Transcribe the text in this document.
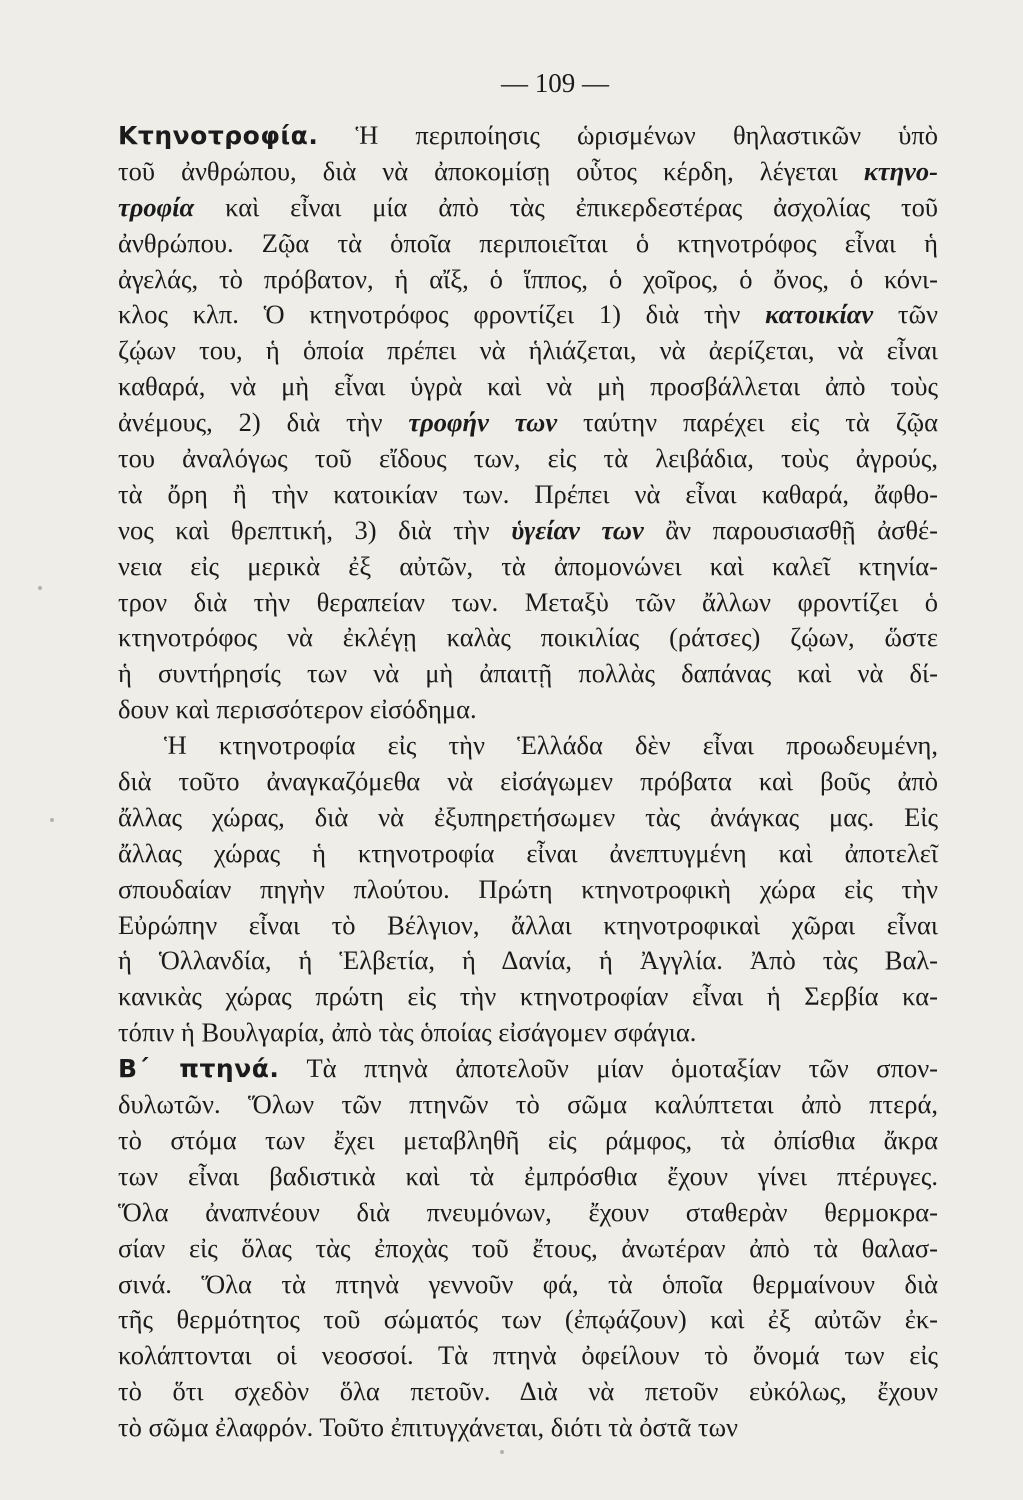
— 109 —
Κτηνοτροφία. Ἡ περιποίησις ὡρισμένων θηλαστικῶν ὑπὸ
τοῦ ἀνθρώπου, διὰ νὰ ἀποκομίσῃ οὗτος κέρδη, λέγεται κτηνο-
τροφία καὶ εἶναι μία ἀπὸ τὰς ἐπικερδεστέρας ἀσχολίας τοῦ
ἀνθρώπου. Ζῷα τὰ ὁποῖα περιποιεῖται ὁ κτηνοτρόφος εἶναι ἡ
ἀγελάς, τὸ πρόβατον, ἡ αἴξ, ὁ ἵππος, ὁ χοῖρος, ὁ ὄνος, ὁ κόνι-
κλος κλπ. Ὁ κτηνοτρόφος φροντίζει 1) διὰ τὴν κατοικίαν τῶν
ζῴων του, ἡ ὁποία πρέπει νὰ ἡλιάζεται, νὰ ἀερίζεται, νὰ εἶναι
καθαρά, νὰ μὴ εἶναι ὑγρὰ καὶ νὰ μὴ προσβάλλεται ἀπὸ τοὺς
ἀνέμους, 2) διὰ τὴν τροφήν των ταύτην παρέχει εἰς τὰ ζῷα
του ἀναλόγως τοῦ εἴδους των, εἰς τὰ λειβάδια, τοὺς ἀγρούς,
τὰ ὄρη ἢ τὴν κατοικίαν των. Πρέπει νὰ εἶναι καθαρά, ἄφθο-
νος καὶ θρεπτική, 3) διὰ τὴν ὑγείαν των ἂν παρουσιασθῇ ἀσθέ-
νεια εἰς μερικὰ ἐξ αὐτῶν, τὰ ἀπομονώνει καὶ καλεῖ κτηνία-
τρον διὰ τὴν θεραπείαν των. Μεταξὺ τῶν ἄλλων φροντίζει ὁ
κτηνοτρόφος νὰ ἐκλέγῃ καλὰς ποικιλίας (ράτσες) ζῴων, ὥστε
ἡ συντήρησίς των νὰ μὴ ἀπαιτῇ πολλὰς δαπάνας καὶ νὰ δί-
δουν καὶ περισσότερον εἰσόδημα.
Ἡ κτηνοτροφία εἰς τὴν Ἑλλάδα δὲν εἶναι προωδευμένη,
διὰ τοῦτο ἀναγκαζόμεθα νὰ εἰσάγωμεν πρόβατα καὶ βοῦς ἀπὸ
ἄλλας χώρας, διὰ νὰ ἐξυπηρετήσωμεν τὰς ἀνάγκας μας. Εἰς
ἄλλας χώρας ἡ κτηνοτροφία εἶναι ἀνεπτυγμένη καὶ ἀποτελεῖ
σπουδαίαν πηγὴν πλούτου. Πρώτη κτηνοτροφικὴ χώρα εἰς τὴν
Εὐρώπην εἶναι τὸ Βέλγιον, ἄλλαι κτηνοτροφικαὶ χῶραι εἶναι
ἡ Ὁλλανδία, ἡ Ἑλβετία, ἡ Δανία, ἡ Ἀγγλία. Ἀπὸ τὰς Βαλ-
κανικὰς χώρας πρώτη εἰς τὴν κτηνοτροφίαν εἶναι ἡ Σερβία κα-
τόπιν ἡ Βουλγαρία, ἀπὸ τὰς ὁποίας εἰσάγομεν σφάγια.
Β΄ πτηνά. Τὰ πτηνὰ ἀποτελοῦν μίαν ὁμοταξίαν τῶν σπον-
δυλωτῶν. Ὅλων τῶν πτηνῶν τὸ σῶμα καλύπτεται ἀπὸ πτερά,
τὸ στόμα των ἔχει μεταβληθῆ εἰς ράμφος, τὰ ὀπίσθια ἄκρα
των εἶναι βαδιστικὰ καὶ τὰ ἐμπρόσθια ἔχουν γίνει πτέρυγες.
Ὅλα ἀναπνέουν διὰ πνευμόνων, ἔχουν σταθερὰν θερμοκρα-
σίαν εἰς ὅλας τὰς ἐποχὰς τοῦ ἔτους, ἀνωτέραν ἀπὸ τὰ θαλασ-
σινά. Ὅλα τὰ πτηνὰ γεννοῦν φά, τὰ ὁποῖα θερμαίνουν διὰ
τῆς θερμότητος τοῦ σώματός των (ἐπῳάζουν) καὶ ἐξ αὐτῶν ἐκ-
κολάπτονται οἱ νεοσσοί. Τὰ πτηνὰ ὀφείλουν τὸ ὄνομά των εἰς
τὸ ὅτι σχεδὸν ὅλα πετοῦν. Διὰ νὰ πετοῦν εὐκόλως, ἔχουν
τὸ σῶμα ἐλαφρόν. Τοῦτο ἐπιτυγχάνεται, διότι τὰ ὀστᾶ των
